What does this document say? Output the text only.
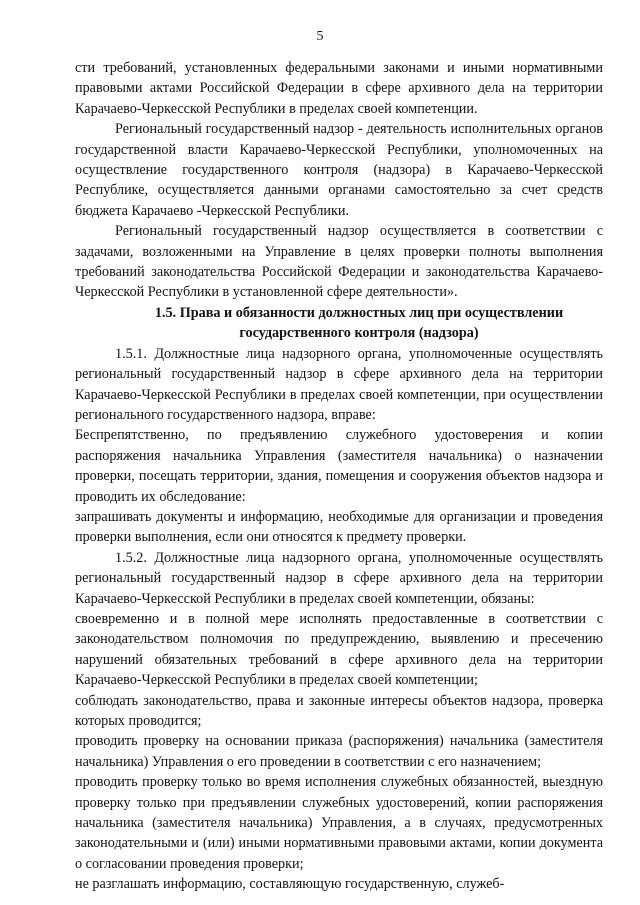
5

сти требований, установленных федеральными законами и иными нормативными правовыми актами Российской Федерации в сфере архивного дела на территории Карачаево-Черкесской Республики в пределах своей компетенции.

Региональный государственный надзор - деятельность исполнительных органов государственной власти Карачаево-Черкесской Республики, уполномоченных на осуществление государственного контроля (надзора) в Карачаево-Черкесской Республике, осуществляется данными органами самостоятельно за счет средств бюджета Карачаево -Черкесской Республики.

Региональный государственный надзор осуществляется в соответствии с задачами, возложенными на Управление в целях проверки полноты выполнения требований законодательства Российской Федерации и законодательства Карачаево-Черкесской Республики в установленной сфере деятельности».

1.5. Права и обязанности должностных лиц при осуществлении государственного контроля (надзора)

1.5.1. Должностные лица надзорного органа, уполномоченные осуществлять региональный государственный надзор в сфере архивного дела на территории Карачаево-Черкесской Республики в пределах своей компетенции, при осуществлении регионального государственного надзора, вправе:

Беспрепятственно, по предъявлению служебного удостоверения и копии распоряжения начальника Управления (заместителя начальника) о назначении проверки, посещать территории, здания, помещения и сооружения объектов надзора и проводить их обследование:

запрашивать документы и информацию, необходимые для организации и проведения проверки выполнения, если они относятся к предмету проверки.

1.5.2. Должностные лица надзорного органа, уполномоченные осуществлять региональный государственный надзор в сфере архивного дела на территории Карачаево-Черкесской Республики в пределах своей компетенции, обязаны:

своевременно и в полной мере исполнять предоставленные в соответствии с законодательством полномочия по предупреждению, выявлению и пресечению нарушений обязательных требований в сфере архивного дела на территории Карачаево-Черкесской Республики в пределах своей компетенции;

соблюдать законодательство, права и законные интересы объектов надзора, проверка которых проводится;

проводить проверку на основании приказа (распоряжения) начальника (заместителя начальника) Управления о его проведении в соответствии с его назначением;

проводить проверку только во время исполнения служебных обязанностей, выездную проверку только при предъявлении служебных удостоверений, копии распоряжения начальника (заместителя начальника) Управления, а в случаях, предусмотренных законодательными и (или) иными нормативными правовыми актами, копии документа о согласовании проведения проверки;

не разглашать информацию, составляющую государственную, служеб-
